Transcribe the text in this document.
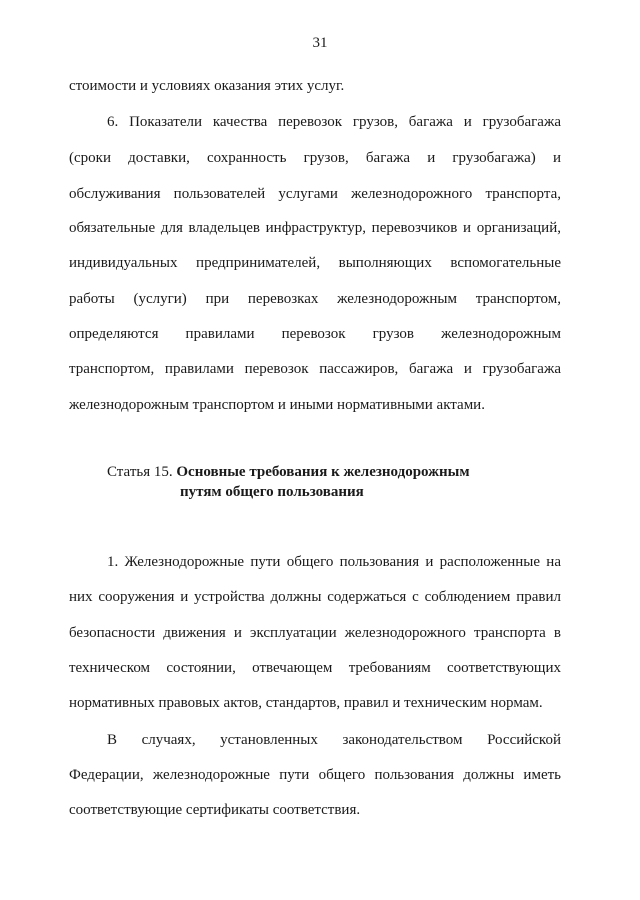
31

стоимости и условиях оказания этих услуг.

6. Показатели качества перевозок грузов, багажа и грузобагажа

(сроки доставки, сохранность грузов, багажа и грузобагажа) и

обслуживания пользователей услугами железнодорожного транспорта,

обязательные для владельцев инфраструктур, перевозчиков и организаций,

индивидуальных предпринимателей, выполняющих вспомогательные

работы (услуги) при перевозках железнодорожным транспортом,

определяются правилами перевозок грузов железнодорожным

транспортом, правилами перевозок пассажиров, багажа и грузобагажа

железнодорожным транспортом и иными нормативными актами.

Статья 15. Основные требования к железнодорожным

путям общего пользования

1. Железнодорожные пути общего пользования и расположенные на

них сооружения и устройства должны содержаться с соблюдением правил

безопасности движения и эксплуатации железнодорожного транспорта в

техническом состоянии, отвечающем требованиям соответствующих

нормативных правовых актов, стандартов, правил и техническим нормам.

В случаях, установленных законодательством Российской

Федерации, железнодорожные пути общего пользования должны иметь

соответствующие сертификаты соответствия.
